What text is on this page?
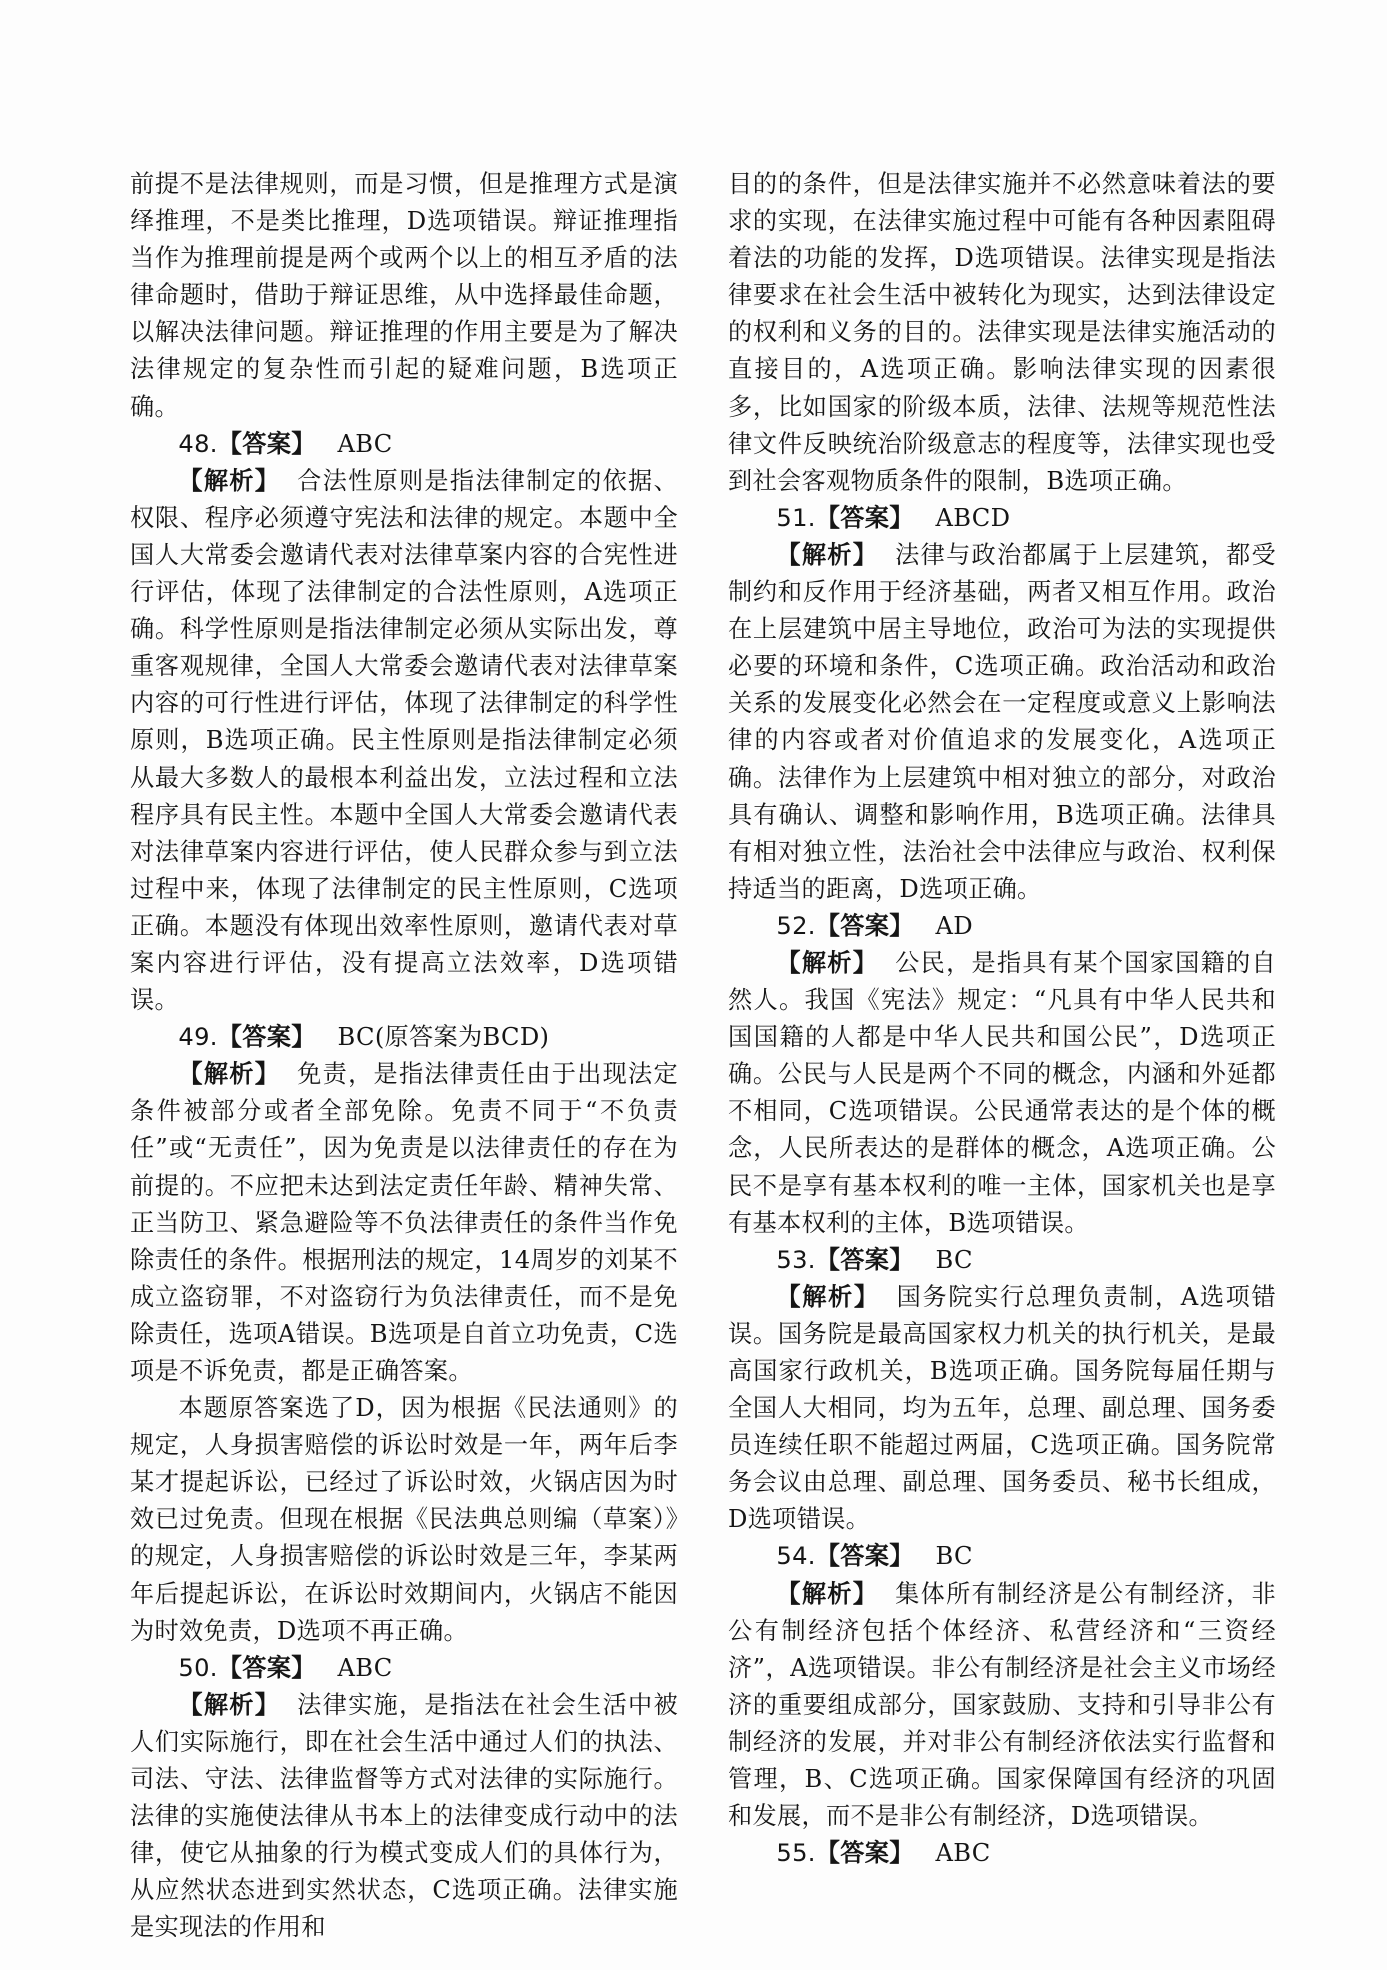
前提不是法律规则，而是习惯，但是推理方式是演绎推理，不是类比推理，D选项错误。辩证推理指当作为推理前提是两个或两个以上的相互矛盾的法律命题时，借助于辩证思维，从中选择最佳命题，以解决法律问题。辩证推理的作用主要是为了解决法律规定的复杂性而引起的疑难问题，B选项正确。

48.【答案】 ABC

【解析】 合法性原则是指法律制定的依据、权限、程序必须遵守宪法和法律的规定。本题中全国人大常委会邀请代表对法律草案内容的合宪性进行评估，体现了法律制定的合法性原则，A选项正确。科学性原则是指法律制定必须从实际出发，尊重客观规律，全国人大常委会邀请代表对法律草案内容的可行性进行评估，体现了法律制定的科学性原则，B选项正确。民主性原则是指法律制定必须从最大多数人的最根本利益出发，立法过程和立法程序具有民主性。本题中全国人大常委会邀请代表对法律草案内容进行评估，使人民群众参与到立法过程中来，体现了法律制定的民主性原则，C选项正确。本题没有体现出效率性原则，邀请代表对草案内容进行评估，没有提高立法效率，D选项错误。

49.【答案】 BC(原答案为BCD)

【解析】 免责，是指法律责任由于出现法定条件被部分或者全部免除。免责不同于“不负责任”或“无责任”，因为免责是以法律责任的存在为前提的。不应把未达到法定责任年龄、精神失常、正当防卫、紧急避险等不负法律责任的条件当作免除责任的条件。根据刑法的规定，14周岁的刘某不成立盗窃罪，不对盗窃行为负法律责任，而不是免除责任，选项A错误。B选项是自首立功免责，C选项是不诉免责，都是正确答案。

本题原答案选了D，因为根据《民法通则》的规定，人身损害赔偿的诉讼时效是一年，两年后李某才提起诉讼，已经过了诉讼时效，火锅店因为时效已过免责。但现在根据《民法典总则编（草案）》的规定，人身损害赔偿的诉讼时效是三年，李某两年后提起诉讼，在诉讼时效期间内，火锅店不能因为时效免责，D选项不再正确。

50.【答案】 ABC

【解析】 法律实施，是指法在社会生活中被人们实际施行，即在社会生活中通过人们的执法、司法、守法、法律监督等方式对法律的实际施行。法律的实施使法律从书本上的法律变成行动中的法律，使它从抽象的行为模式变成人们的具体行为，从应然状态进到实然状态，C选项正确。法律实施是实现法的作用和

目的的条件，但是法律实施并不必然意味着法的要求的实现，在法律实施过程中可能有各种因素阻碍着法的功能的发挥，D选项错误。法律实现是指法律要求在社会生活中被转化为现实，达到法律设定的权利和义务的目的。法律实现是法律实施活动的直接目的，A选项正确。影响法律实现的因素很多，比如国家的阶级本质，法律、法规等规范性法律文件反映统治阶级意志的程度等，法律实现也受到社会客观物质条件的限制，B选项正确。

51.【答案】 ABCD

【解析】 法律与政治都属于上层建筑，都受制约和反作用于经济基础，两者又相互作用。政治在上层建筑中居主导地位，政治可为法的实现提供必要的环境和条件，C选项正确。政治活动和政治关系的发展变化必然会在一定程度或意义上影响法律的内容或者对价值追求的发展变化，A选项正确。法律作为上层建筑中相对独立的部分，对政治具有确认、调整和影响作用，B选项正确。法律具有相对独立性，法治社会中法律应与政治、权利保持适当的距离，D选项正确。

52.【答案】 AD

【解析】 公民，是指具有某个国家国籍的自然人。我国《宪法》规定：“凡具有中华人民共和国国籍的人都是中华人民共和国公民”，D选项正确。公民与人民是两个不同的概念，内涵和外延都不相同，C选项错误。公民通常表达的是个体的概念，人民所表达的是群体的概念，A选项正确。公民不是享有基本权利的唯一主体，国家机关也是享有基本权利的主体，B选项错误。

53.【答案】 BC

【解析】 国务院实行总理负责制，A选项错误。国务院是最高国家权力机关的执行机关，是最高国家行政机关，B选项正确。国务院每届任期与全国人大相同，均为五年，总理、副总理、国务委员连续任职不能超过两届，C选项正确。国务院常务会议由总理、副总理、国务委员、秘书长组成，D选项错误。

54.【答案】 BC

【解析】 集体所有制经济是公有制经济，非公有制经济包括个体经济、私营经济和“三资经济”，A选项错误。非公有制经济是社会主义市场经济的重要组成部分，国家鼓励、支持和引导非公有制经济的发展，并对非公有制经济依法实行监督和管理，B、C选项正确。国家保障国有经济的巩固和发展，而不是非公有制经济，D选项错误。

55.【答案】 ABC
